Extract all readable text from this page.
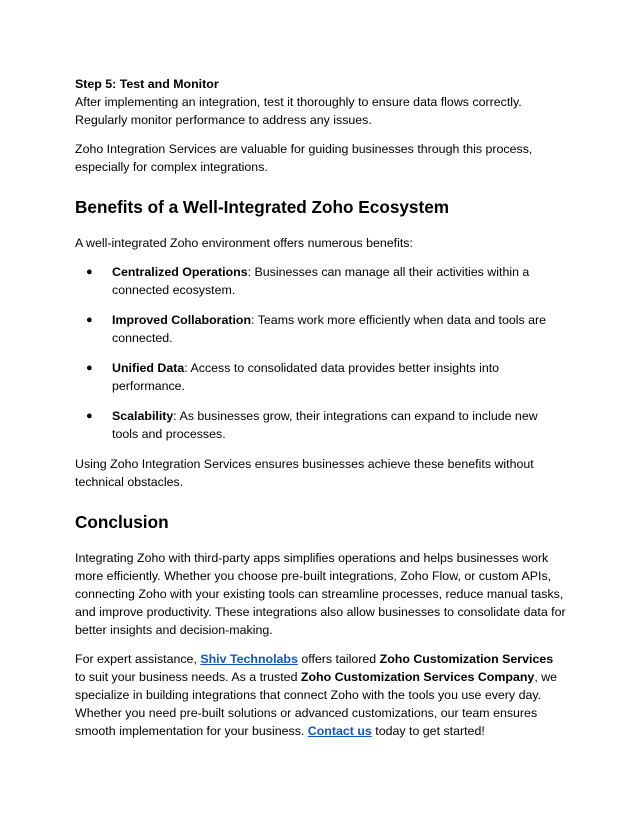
Step 5: Test and Monitor

After implementing an integration, test it thoroughly to ensure data flows correctly. Regularly monitor performance to address any issues.

Zoho Integration Services are valuable for guiding businesses through this process, especially for complex integrations.

Benefits of a Well-Integrated Zoho Ecosystem

A well-integrated Zoho environment offers numerous benefits:

● Centralized Operations: Businesses can manage all their activities within a connected ecosystem.
● Improved Collaboration: Teams work more efficiently when data and tools are connected.
● Unified Data: Access to consolidated data provides better insights into performance.
● Scalability: As businesses grow, their integrations can expand to include new tools and processes.

Using Zoho Integration Services ensures businesses achieve these benefits without technical obstacles.

Conclusion

Integrating Zoho with third-party apps simplifies operations and helps businesses work more efficiently. Whether you choose pre-built integrations, Zoho Flow, or custom APIs, connecting Zoho with your existing tools can streamline processes, reduce manual tasks, and improve productivity. These integrations also allow businesses to consolidate data for better insights and decision-making.

For expert assistance, Shiv Technolabs offers tailored Zoho Customization Services to suit your business needs. As a trusted Zoho Customization Services Company, we specialize in building integrations that connect Zoho with the tools you use every day. Whether you need pre-built solutions or advanced customizations, our team ensures smooth implementation for your business. Contact us today to get started!
